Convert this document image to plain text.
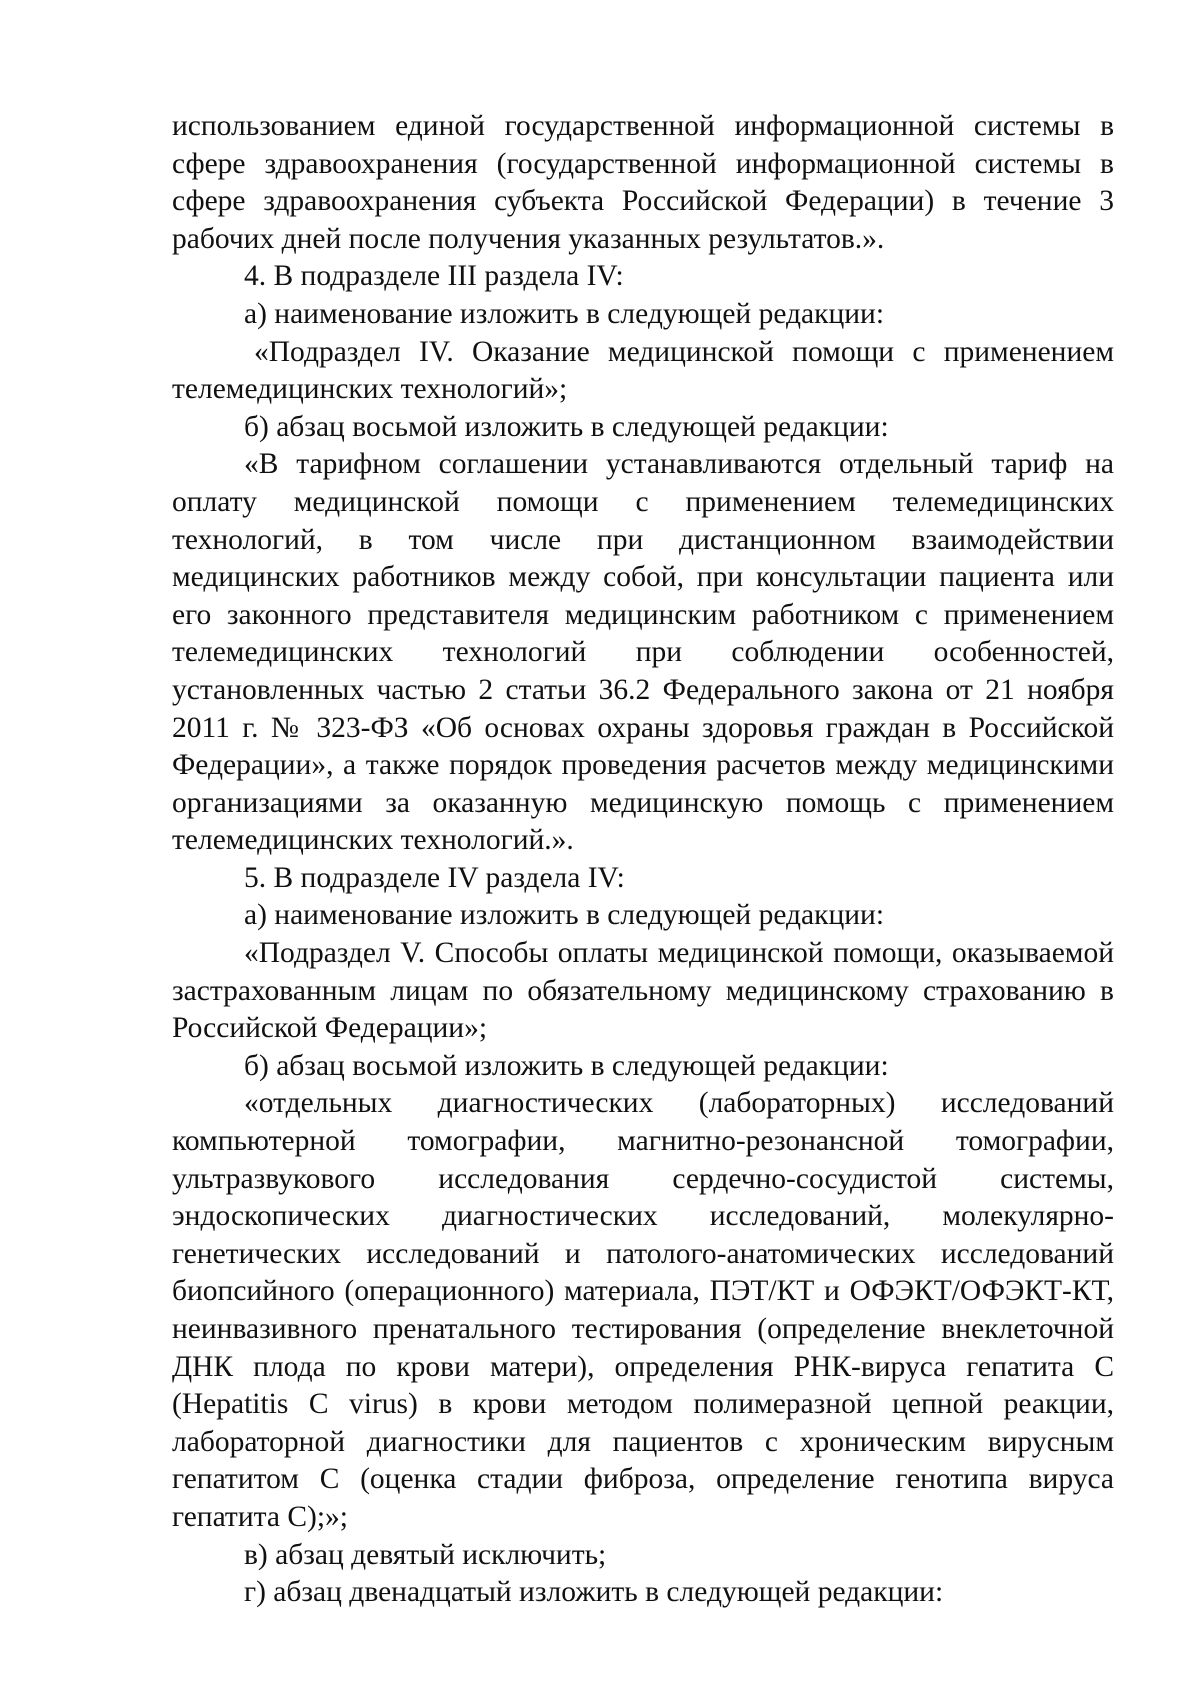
использованием единой государственной информационной системы в сфере здравоохранения (государственной информационной системы в сфере здравоохранения субъекта Российской Федерации) в течение 3 рабочих дней после получения указанных результатов.».

4. В подразделе III раздела IV:

а) наименование изложить в следующей редакции:

«Подраздел IV. Оказание медицинской помощи с применением телемедицинских технологий»;

б) абзац восьмой изложить в следующей редакции:

«В тарифном соглашении устанавливаются отдельный тариф на оплату медицинской помощи с применением телемедицинских технологий, в том числе при дистанционном взаимодействии медицинских работников между собой, при консультации пациента или его законного представителя медицинским работником с применением телемедицинских технологий при соблюдении особенностей, установленных частью 2 статьи 36.2 Федерального закона от 21 ноября 2011 г. № 323-ФЗ «Об основах охраны здоровья граждан в Российской Федерации», а также порядок проведения расчетов между медицинскими организациями за оказанную медицинскую помощь с применением телемедицинских технологий.».

5. В подразделе IV раздела IV:

а) наименование изложить в следующей редакции:

«Подраздел V. Способы оплаты медицинской помощи, оказываемой застрахованным лицам по обязательному медицинскому страхованию в Российской Федерации»;

б) абзац восьмой изложить в следующей редакции:

«отдельных диагностических (лабораторных) исследований компьютерной томографии, магнитно-резонансной томографии, ультразвукового исследования сердечно-сосудистой системы, эндоскопических диагностических исследований, молекулярно-генетических исследований и патолого-анатомических исследований биопсийного (операционного) материала, ПЭТ/КТ и ОФЭКТ/ОФЭКТ-КТ, неинвазивного пренатального тестирования (определение внеклеточной ДНК плода по крови матери), определения РНК-вируса гепатита С (Hepatitis С virus) в крови методом полимеразной цепной реакции, лабораторной диагностики для пациентов с хроническим вирусным гепатитом С (оценка стадии фиброза, определение генотипа вируса гепатита С);»;

в) абзац девятый исключить;

г) абзац двенадцатый изложить в следующей редакции:
